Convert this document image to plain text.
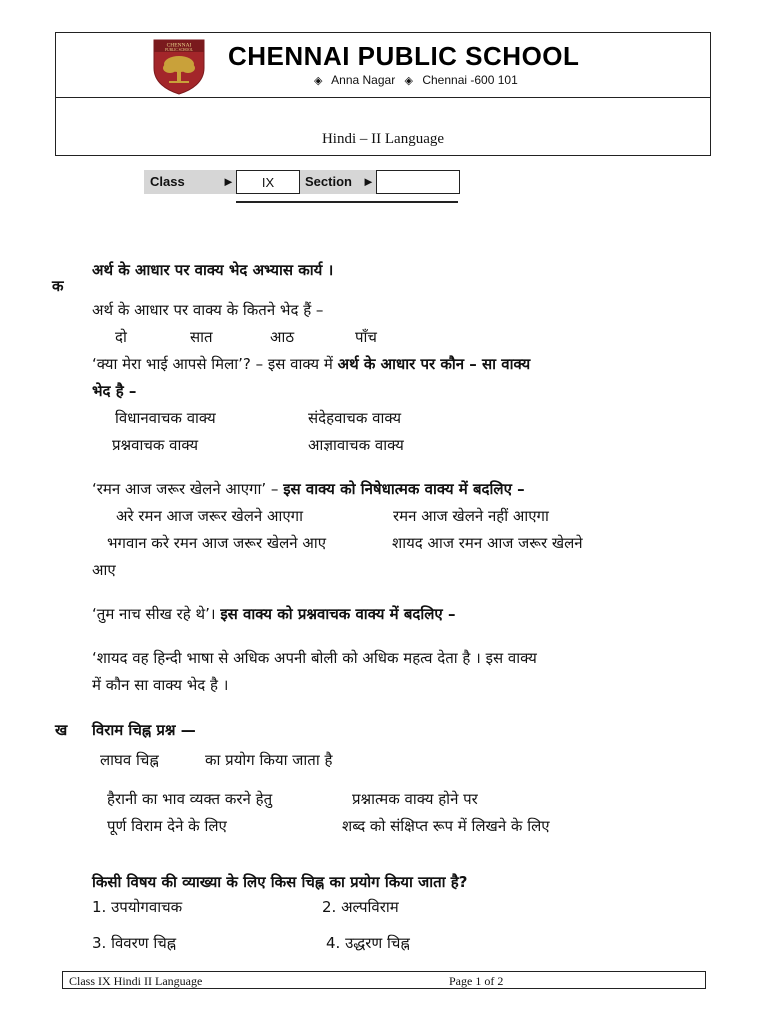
CHENNAI
PUBLIC SCHOOL CHENNAI PUBLIC SCHOOL
◈ Anna Nagar ◈ Chennai -600 101
Hindi – II Language
Class	►	IX	Section ►
अर्थ के आधार पर वाक्य भेद अभ्यास कार्य ।
क
अर्थ के आधार पर वाक्य के कितने भेद हैं –
दो	सात	आठ	पाँच
‘क्या मेरा भाई आपसे मिला’? – इस वाक्य में अर्थ के आधार पर कौन – सा वाक्य
भेद है –
विधानवाचक वाक्य	संदेहवाचक वाक्य
प्रश्नवाचक वाक्य	आज्ञावाचक वाक्य
‘रमन आज जरूर खेलने आएगा’ – इस वाक्य को निषेधात्मक वाक्य में बदलिए –
अरे रमन आज जरूर खेलने आएगा	रमन आज खेलने नहीं आएगा
भगवान करे रमन आज जरूर खेलने आए	शायद आज रमन आज जरूर खेलने
आए
‘तुम नाच सीख रहे थे’। इस वाक्य को प्रश्नवाचक वाक्य में बदलिए –
‘शायद वह हिन्दी भाषा से अधिक अपनी बोली को अधिक महत्व देता है । इस वाक्य
में कौन सा वाक्य भेद है ।
ख विराम चिह्न प्रश्न —
लाघव चिह्न	का प्रयोग किया जाता है
हैरानी का भाव व्यक्त करने हेतु	प्रश्नात्मक वाक्य होने पर
पूर्ण विराम देने के लिए	शब्द को संक्षिप्त रूप में लिखने के लिए
किसी विषय की व्याख्या के लिए किस चिह्न का प्रयोग किया जाता है?
1. उपयोगवाचक	2. अल्पविराम
3. विवरण चिह्न	4. उद्धरण चिह्न
Class IX Hindi II Language	Page 1 of 2
